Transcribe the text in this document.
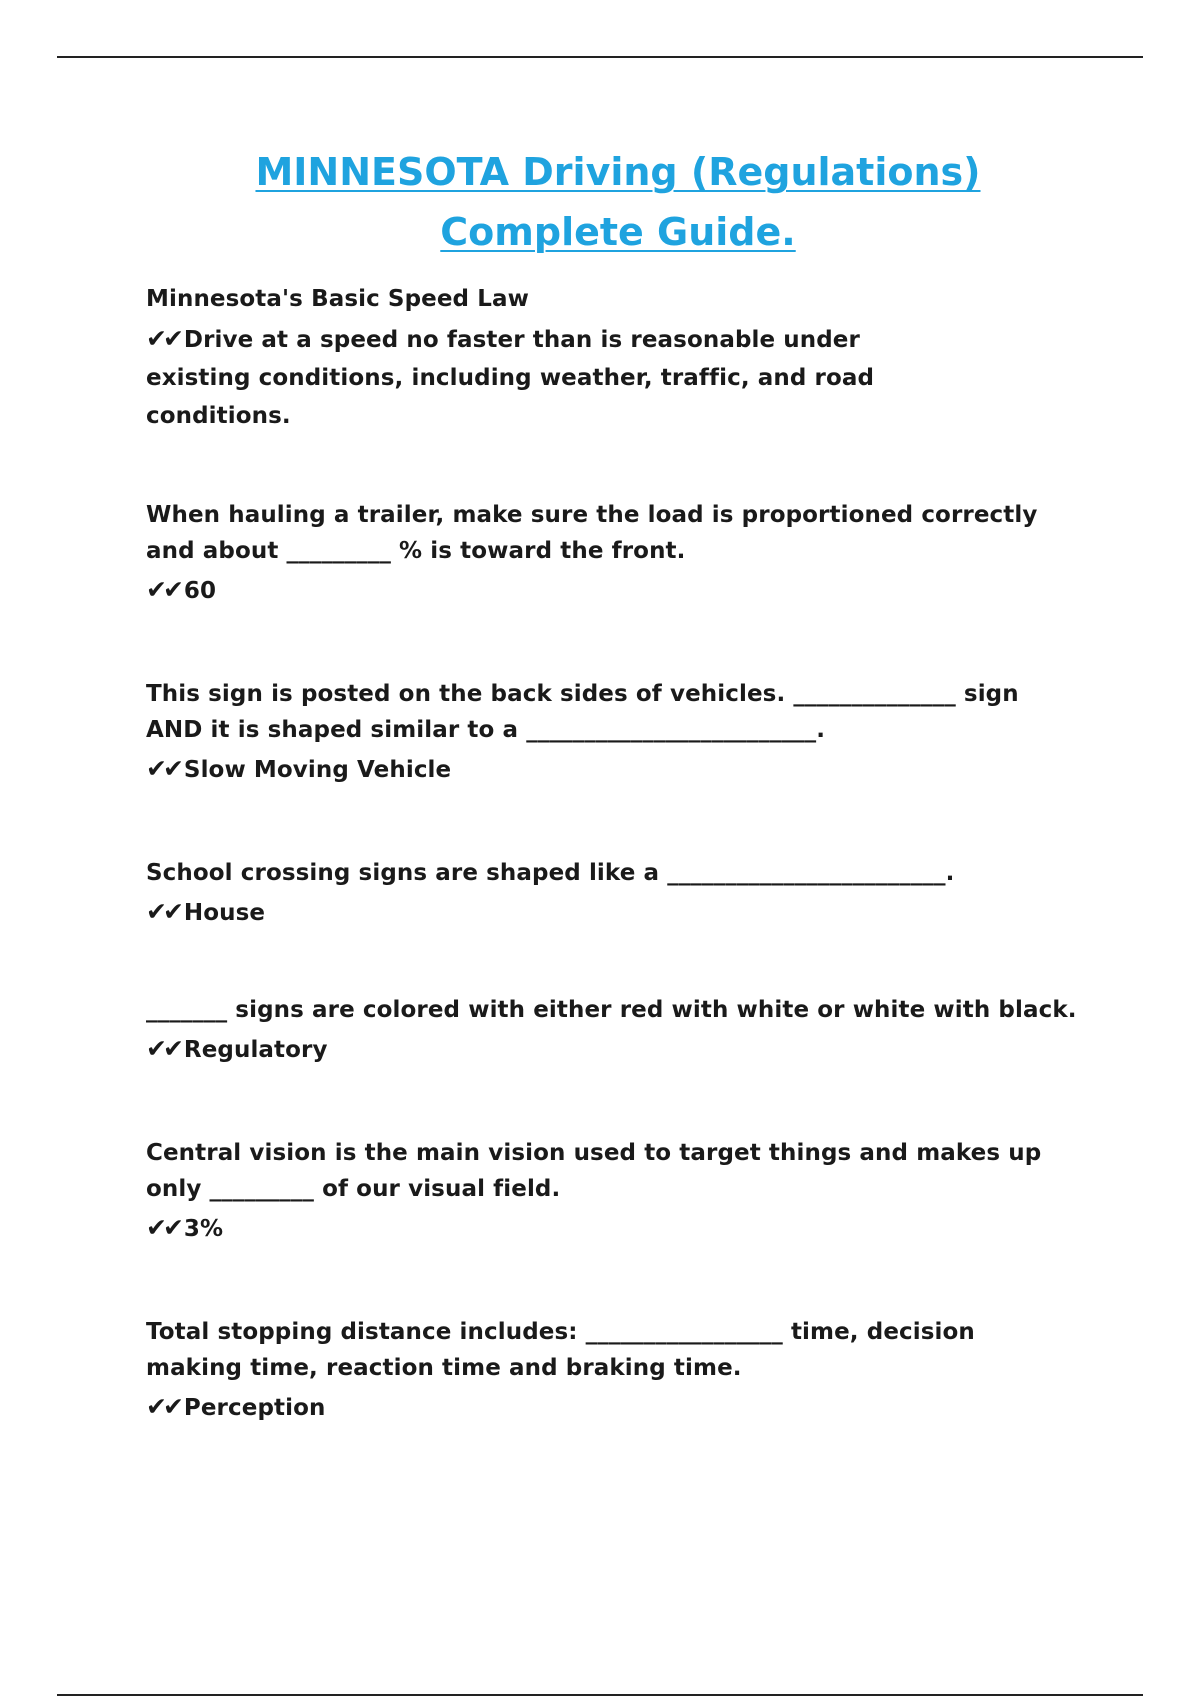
MINNESOTA Driving (Regulations)
Complete Guide.

Minnesota's Basic Speed Law

✔✔ Drive at a speed no faster than is reasonable under existing conditions, including weather, traffic, and road conditions.

When hauling a trailer, make sure the load is proportioned correctly and about _________ % is toward the front.

✔✔ 60

This sign is posted on the back sides of vehicles. ______________ sign AND it is shaped similar to a _________________________.

✔✔ Slow Moving Vehicle

School crossing signs are shaped like a ________________________.

✔✔ House

_______ signs are colored with either red with white or white with black.

✔✔ Regulatory

Central vision is the main vision used to target things and makes up only _________ of our visual field.

✔✔ 3%

Total stopping distance includes: _________________ time, decision making time, reaction time and braking time.

✔✔ Perception
